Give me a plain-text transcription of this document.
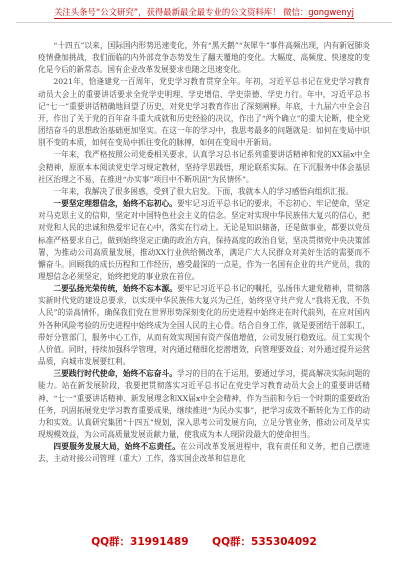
关注头条号“公文研究”，获得最新最全最专业的公文资料库！ 微信：gongwenyj

“十四五”以来，国际国内形势迅速变化，外有“黑天鹅”“灰犀牛”事件高频出现，内有新冠肺炎疫情叠加挑战，我们面临的内外部竞争态势发生了翻天覆地的变化。大幅度、高频度、快速度的变化是今后的新常态。国有企业改革发展要求也随之迅速变化。

2021年，恰逢建党一百周年，党史学习教育贯穿全年。年初，习近平总书记在党史学习教育动员大会上的重要讲话要求全党学史明理、学史增信、学史崇德、学史力行。年中，习近平总书记“七一”重要讲话精确地回望了历史，对党史学习教育作出了深刻阐释。年底，十九届六中全会召开，作出了关于党的百年奋斗重大成就和历史经验的决议，作出了“两个确立”的重大论断，使全党团结奋斗的思想政治基础更加坚实。在这一年的学习中，我思考最多的问题就是：如何在变局中识别不变的本质，如何在变局中抓住变化的脉搏，如何在变局中开新局。

一年来，我严格按照公司党委相关要求，认真学习总书记系列重要讲话精神和党的XX届x中全会精神，原原本本阅读党史学习规定教材，坚持学思践悟，理论联系实际。在下沉服务中体会基层社区治理之不易，在推进“办实事”项目中不断巩固“为民情怀”。

一年来，我解决了很多困惑，受到了很大启发。下面，我就本人的学习感悟向组织汇报。

一要坚定理想信念，始终不忘初心。要牢记习近平总书记的要求，不忘初心、牢记使命，坚定对马克思主义的信仰，坚定对中国特色社会主义的信念。坚定对实现中华民族伟大复兴的信心，把对党和人民的忠诚和热爱牢记在心中，落实在行动上。无论是知识储备，还是做事业，都要以党员标准严格要求自己，做到始终坚定正确的政治方向，保持高度的政治自觉，坚决贯彻党中央决策部署，为推动公司高质量发展，推动XX行业供给侧改革，满足广大人民群众对美好生活的需要而不懈奋斗。回顾我的成长历程和工作经历，感受最深的一点是，作为一名国有企业的共产党员，我的理想信念必须坚定，始终把党的事业放在首位。

二要弘扬光荣传统，始终不忘本源。要牢记习近平总书记的嘱托，弘扬伟大建党精神，贯彻落实新时代党的建设总要求，以实现中华民族伟大复兴为己任，始终坚守共产党人“我将无我、不负人民”的崇高情怀，确保我们党在世界形势深刻变化的历史进程中始终走在时代前列，在应对国内外各种风险考验的历史进程中始终成为全国人民的主心骨。结合自身工作，就是要团结干部职工，带好分管部门，服务中心工作，从而有效实现国有资产保值增值，公司发展行稳致远。员工实现个人价值。同时，持续加强科学管理，对内通过精细化挖潜增效，向管理要效益；对外通过提升运营品质，向城市发展要红利。

三要践行时代使命，始终不忘奋斗。学习的目的在于运用，要通过学习，提高解决实际问题的能力。站在新发展阶段，我要把贯彻落实习近平总书记在党史学习教育动员大会上的重要讲话精神、“七一”重要讲话精神、新发展理念和XX届x中全会精神，作为当前和今后一个时期的重要政治任务，巩固拓展党史学习教育重要成果，继续推进“为民办实事”，把学习成效不断转化为工作的动力和实效。认真研究集团“十四五”规划，深入思考公司发展方向，立足分管业务，推动公司及早实现规模效益，为公司高质量发展贡献力量，使我成为本人现阶段最大的使命担当。

四要服务发展大局，始终不忘责任。在公司改革发展进程中，我有责任和义务，把自己摆进去，主动对接公司管理（重大）工作，落实国企改革和信息化

QQ群：31991489 QQ群：535304092
